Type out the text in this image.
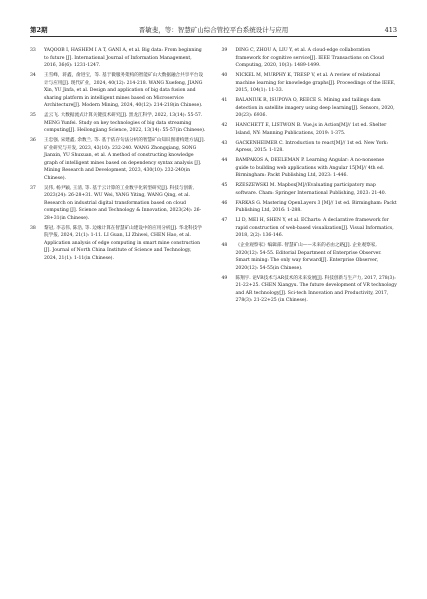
第2期	晋敏斐，等：智慧矿山综合管控平台系统设计与应用	413
33	YAQOOB I, HASHEM I A T, GANI A, et al. Big data: From beginning to future [J]. International Journal of Information Management, 2016, 36(6): 1231-1247.
34	王雪峰，蒋鑫，俞进宝，等. 基于微服务架构的智能矿山大数据融合共享平台设计与应用[J]. 现代矿业，2024, 40(12): 214-218. WANG Xuefeng, JIANG Xin, YU Jinfa, et al. Design and application of big data fusion and sharing platform in intelligent mines based on Microservice Architecture[J]. Modern Mining, 2024, 40(12): 214-218(in Chinese).
35	孟云飞. 大数据流式计算关键技术研究[J]. 黑龙江科学, 2022, 13(14): 55-57. MENG Yunfei. Study on key technologies of big data streaming computing[J]. Heilongjiang Science, 2022, 13(14): 55-57(in Chinese).
36	王忠强, 宋建鑫, 余数兰, 等. 基于依存句法分析的智慧矿山知识图谱构建方法[J]. 矿业研究与开发, 2023, 43(10): 232-240. WANG Zhongqiang, SONG Jianxin, YU Shuxuan, et al. A method of constructing knowledge graph of intelligent mines based on dependency syntax analysis [J]. Mining Research and Development, 2023, 430(10): 232-240(in Chinese).
37	吴伟, 杨尹颖, 王清, 等. 基于云计算的工业数字化转型研究[J]. 科技与创新, 2023(24): 26-28+31. WU Wei, YANG Yiting, WANG Qing, et al. Research on industrial digital transformation based on cloud computing [J]. Science and Technology & Innovation, 2023(24): 26-28+31(in Chinese).
38	黎冠, 李志伟, 陈浩, 等. 边缘计算在智慧矿山建设中的应用分析[J]. 华北科技学院学报, 2024, 21(1): 1-11. LI Guan, LI Zhiwei, CHEN Hao, et al. Application analysis of edge computing in smart mine construction [J]. Journal of North China Institute of Science and Technology, 2024, 21(1): 1-11(in Chinese).
39	DING C, ZHOU A, LIU Y, et al. A cloud-edge collaboration framework for cognitive service[J]. IEEE Transactions on Cloud Computing, 2020, 10(3): 1489-1499.
40	NICKEL M, MURPHY K, TRESP V, et al. A review of relational machine learning for knowledge graphs[J]. Proceedings of the IEEE, 2015, 104(1): 11-33.
41	BALANIUK R, ISUPOVA O, REECE S. Mining and tailings dam detection in satellite imagery using deep learning[J]. Sensors, 2020, 20(23): 6936.
42	HANCHETT E, LISTWON B. Vue.js in Action[M]// 1st ed. Shelter Island, NY: Manning Publications, 2019: 1-375.
43	GACKENHEIMER C. Introduction to react[M]// 1st ed. New York: Apress, 2015: 1-128.
44	BAMPAKOS A, DEELEMAN P. Learning Angular: A no-nonsense guide to building web applications with Angular 15[M]// 4th ed. Birmingham: Packt Publishing Ltd, 2023: 1-446.
45	RZESZEWSKI M. Mapbox[M]//Evaluating participatory map software. Cham: Springer International Publishing, 2023: 21-40.
46	FARKAS G. Mastering OpenLayers 3 [M]// 1st ed. Birmingham: Packt Publishing Ltd, 2016: 1-288.
47	LI D, MEI H, SHEN Y, et al. ECharts: A declarative framework for rapid construction of web-based visualization[J]. Visual Informatics, 2018, 2(2): 136-146.
48	《企业观察家》编辑部. 智慧矿山——未来的必由之路[J]. 企业观察家, 2020(12): 54-55. Editorial Department of Enterprise Observer. Smart mining: The only way forward[J]. Enterprise Observer, 2020(12): 54-55(in Chinese).
49	陈翔宇. 论VR技术与AR技术的未来发展[J]. 科技创新与生产力, 2017, 278(3): 21-22+25. CHEN Xiangyu. The future development of VR technology and AR technology[J]. Sci-tech Innovation and Productivity, 2017, 278(3): 21-22+25 (in Chinese).
